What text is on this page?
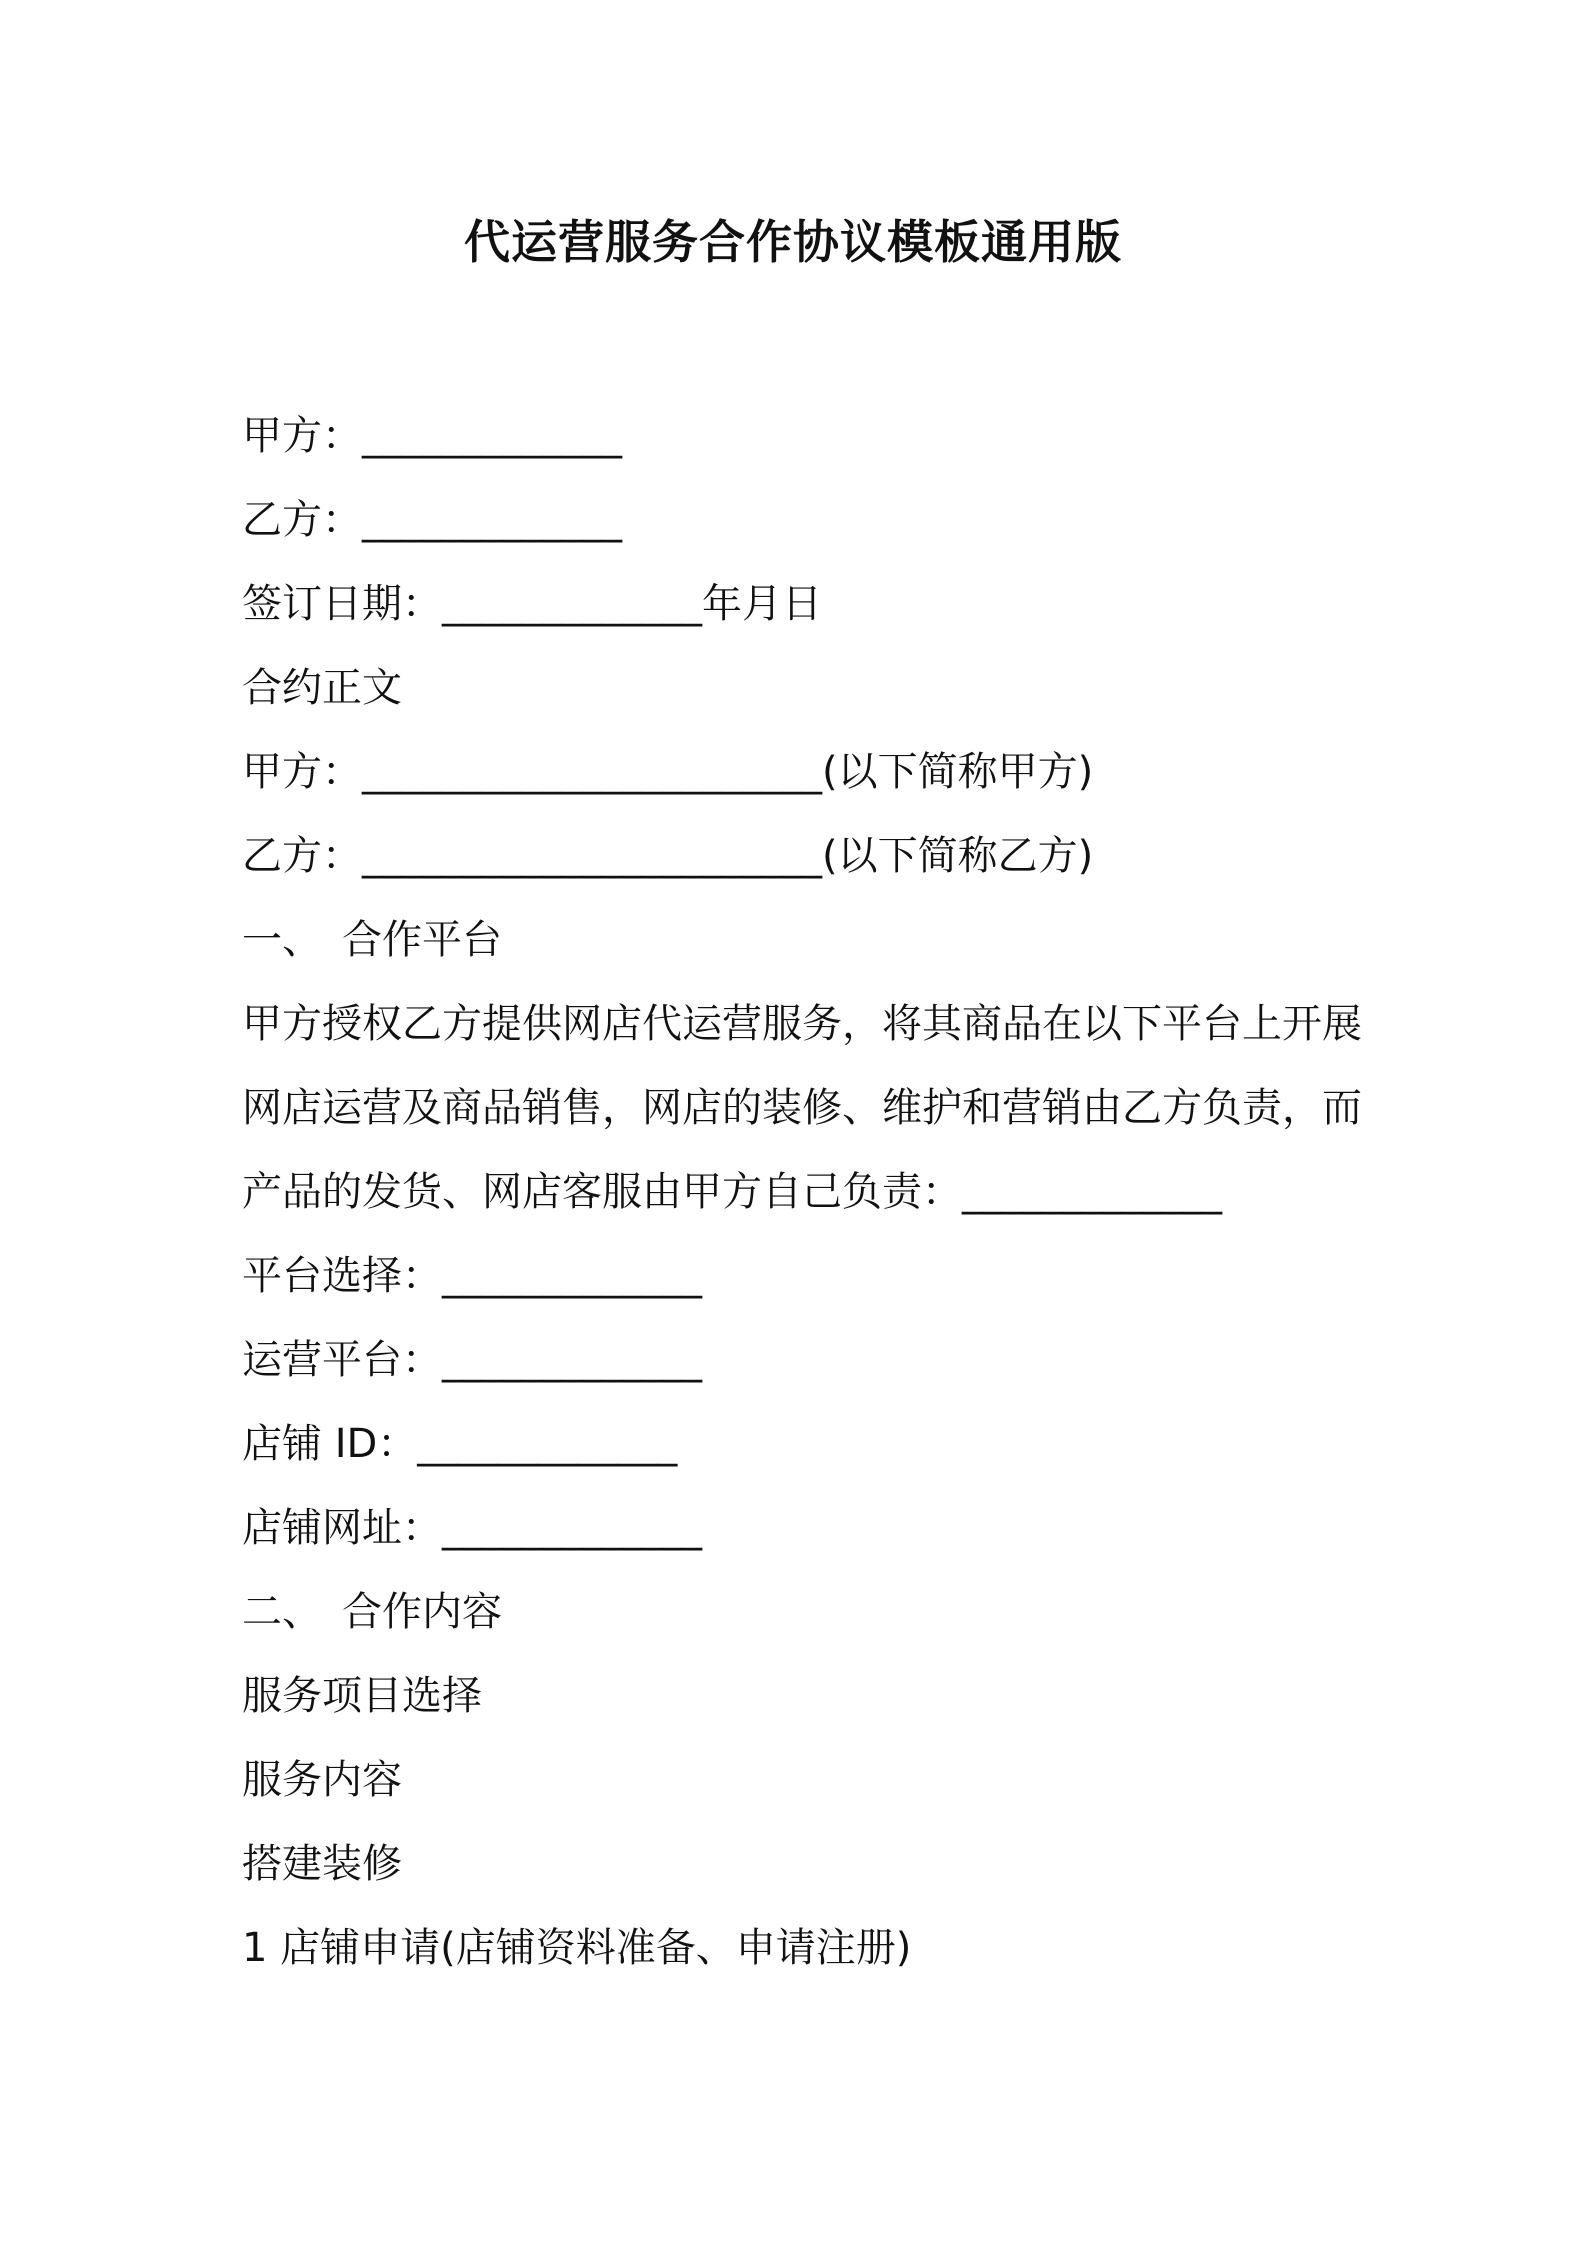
代运营服务合作协议模板通用版
甲方：_____________
乙方：_____________
签订日期：_____________年月日
合约正文
甲方：_______________________(以下简称甲方)
乙方：_______________________(以下简称乙方)
一、 合作平台
甲方授权乙方提供网店代运营服务，将其商品在以下平台上开展
网店运营及商品销售，网店的装修、维护和营销由乙方负责，而
产品的发货、网店客服由甲方自己负责：_____________
平台选择：_____________
运营平台：_____________
店铺 ID：_____________
店铺网址：_____________
二、 合作内容
服务项目选择
服务内容
搭建装修
1 店铺申请(店铺资料准备、申请注册)
